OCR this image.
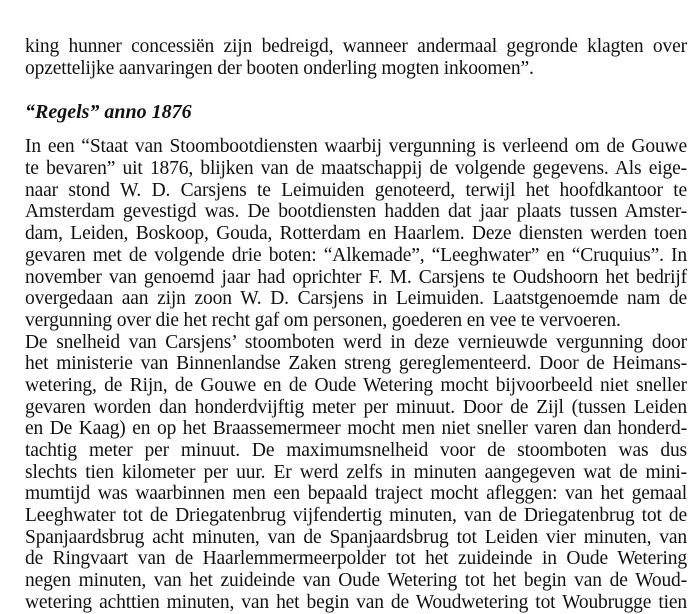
king hunner concessiën zijn bedreigd, wanneer andermaal gegronde klagten over
opzettelijke aanvaringen der booten onderling mogten inkoomen”.
“Regels” anno 1876
In een “Staat van Stoombootdiensten waarbij vergunning is verleend om de Gouwe
te bevaren” uit 1876, blijken van de maatschappij de volgende gegevens. Als eige-
naar stond W. D. Carsjens te Leimuiden genoteerd, terwijl het hoofdkantoor te
Amsterdam gevestigd was. De bootdiensten hadden dat jaar plaats tussen Amster-
dam, Leiden, Boskoop, Gouda, Rotterdam en Haarlem. Deze diensten werden toen
gevaren met de volgende drie boten: “Alkemade”, “Leeghwater” en “Cruquius”. In
november van genoemd jaar had oprichter F. M. Carsjens te Oudshoorn het bedrijf
overgedaan aan zijn zoon W. D. Carsjens in Leimuiden. Laatstgenoemde nam de
vergunning over die het recht gaf om personen, goederen en vee te vervoeren.
De snelheid van Carsjens’ stoomboten werd in deze vernieuwde vergunning door
het ministerie van Binnenlandse Zaken streng gereglementeerd. Door de Heimans-
wetering, de Rijn, de Gouwe en de Oude Wetering mocht bijvoorbeeld niet sneller
gevaren worden dan honderdvijftig meter per minuut. Door de Zijl (tussen Leiden
en De Kaag) en op het Braassemermeer mocht men niet sneller varen dan honderd-
tachtig meter per minuut. De maximumsnelheid voor de stoomboten was dus
slechts tien kilometer per uur. Er werd zelfs in minuten aangegeven wat de mini-
mumtijd was waarbinnen men een bepaald traject mocht afleggen: van het gemaal
Leeghwater tot de Driegatenbrug vijfendertig minuten, van de Driegatenbrug tot de
Spanjaardsbrug acht minuten, van de Spanjaardsbrug tot Leiden vier minuten, van
de Ringvaart van de Haarlemmermeerpolder tot het zuideinde in Oude Wetering
negen minuten, van het zuideinde van Oude Wetering tot het begin van de Woud-
wetering achttien minuten, van het begin van de Woudwetering tot Woubrugge tien
